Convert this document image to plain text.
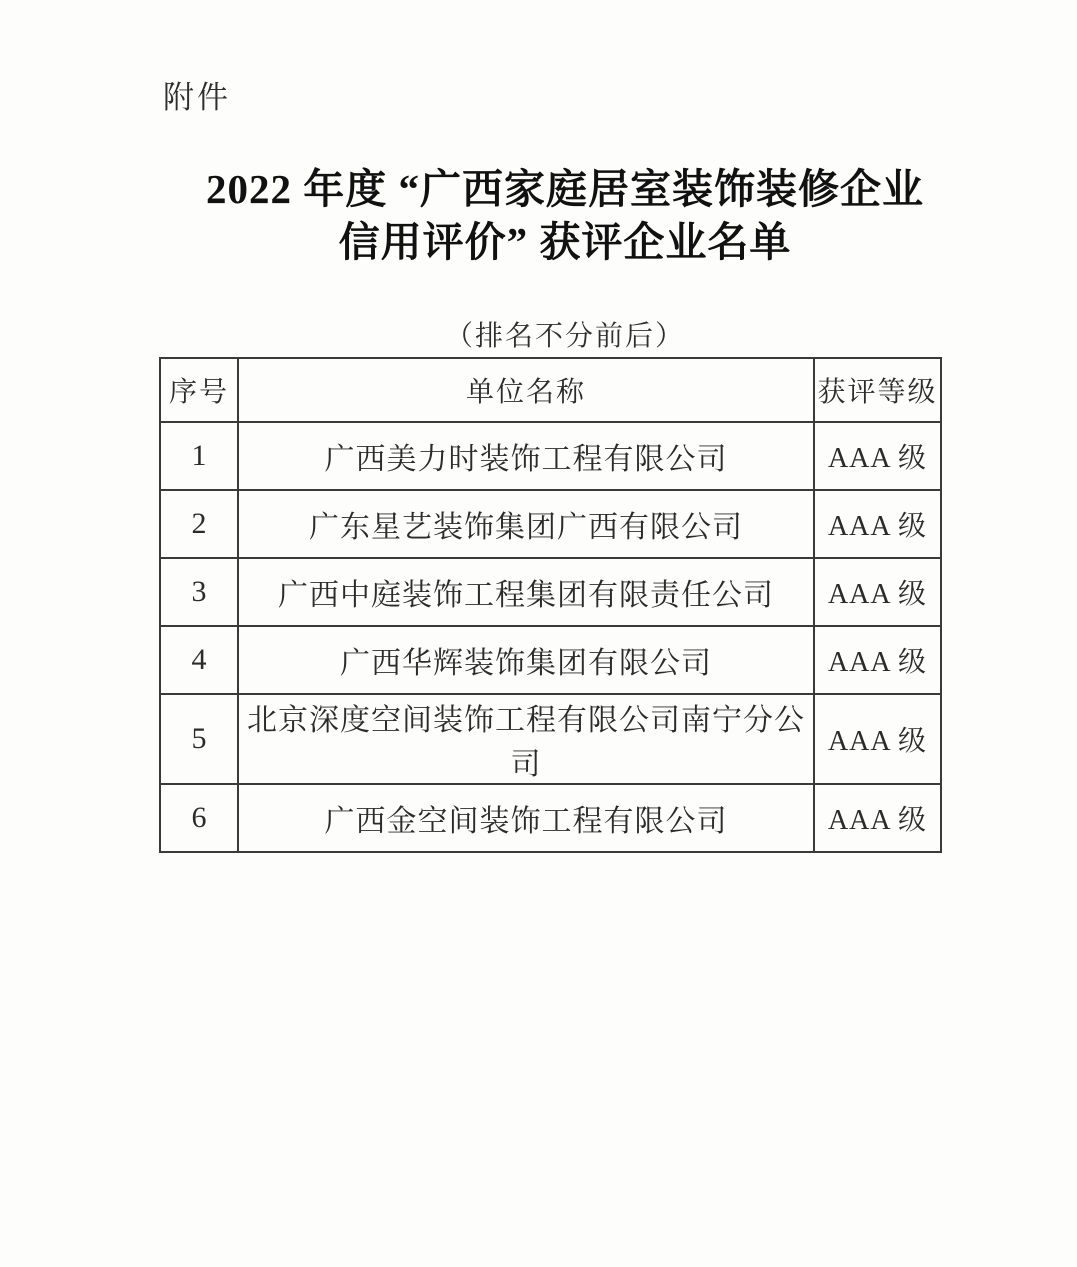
附件
2022 年度 “广西家庭居室装饰装修企业
信用评价” 获评企业名单
（排名不分前后）
序号	单位名称	获评等级
1	广西美力时装饰工程有限公司	AAA 级
2	广东星艺装饰集团广西有限公司	AAA 级
3	广西中庭装饰工程集团有限责任公司	AAA 级
4	广西华辉装饰集团有限公司	AAA 级
5	北京深度空间装饰工程有限公司南宁分公司	AAA 级
6	广西金空间装饰工程有限公司	AAA 级
